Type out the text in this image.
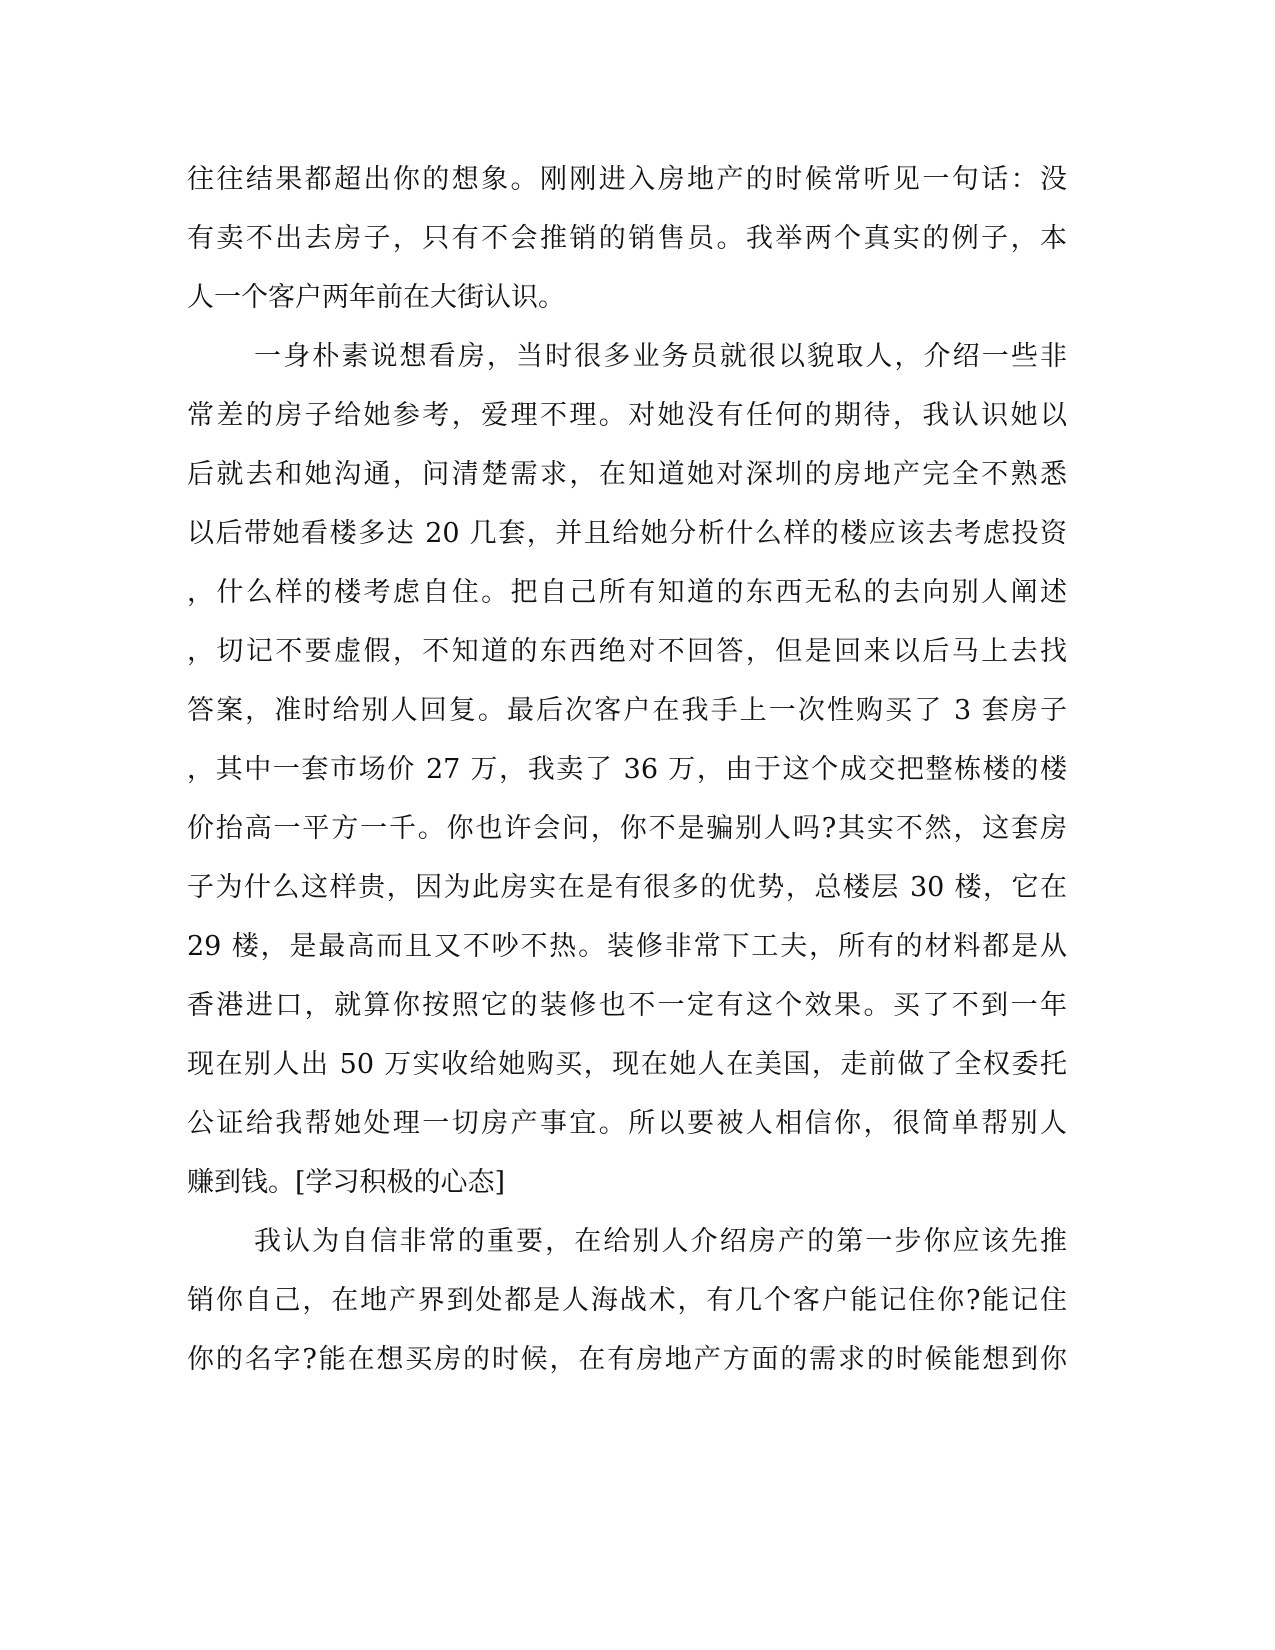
往往结果都超出你的想象。刚刚进入房地产的时候常听见一句话：没
有卖不出去房子，只有不会推销的销售员。我举两个真实的例子，本
人一个客户两年前在大街认识。
一身朴素说想看房，当时很多业务员就很以貌取人，介绍一些非
常差的房子给她参考，爱理不理。对她没有任何的期待，我认识她以
后就去和她沟通，问清楚需求，在知道她对深圳的房地产完全不熟悉
以后带她看楼多达 20 几套，并且给她分析什么样的楼应该去考虑投资
，什么样的楼考虑自住。把自己所有知道的东西无私的去向别人阐述
，切记不要虚假，不知道的东西绝对不回答，但是回来以后马上去找
答案，准时给别人回复。最后次客户在我手上一次性购买了 3 套房子
，其中一套市场价 27 万，我卖了 36 万，由于这个成交把整栋楼的楼
价抬高一平方一千。你也许会问，你不是骗别人吗?其实不然，这套房
子为什么这样贵，因为此房实在是有很多的优势，总楼层 30 楼，它在
29 楼，是最高而且又不吵不热。装修非常下工夫，所有的材料都是从
香港进口，就算你按照它的装修也不一定有这个效果。买了不到一年
现在别人出 50 万实收给她购买，现在她人在美国，走前做了全权委托
公证给我帮她处理一切房产事宜。所以要被人相信你，很简单帮别人
赚到钱。[学习积极的心态]
我认为自信非常的重要，在给别人介绍房产的第一步你应该先推
销你自己，在地产界到处都是人海战术，有几个客户能记住你?能记住
你的名字?能在想买房的时候，在有房地产方面的需求的时候能想到你
